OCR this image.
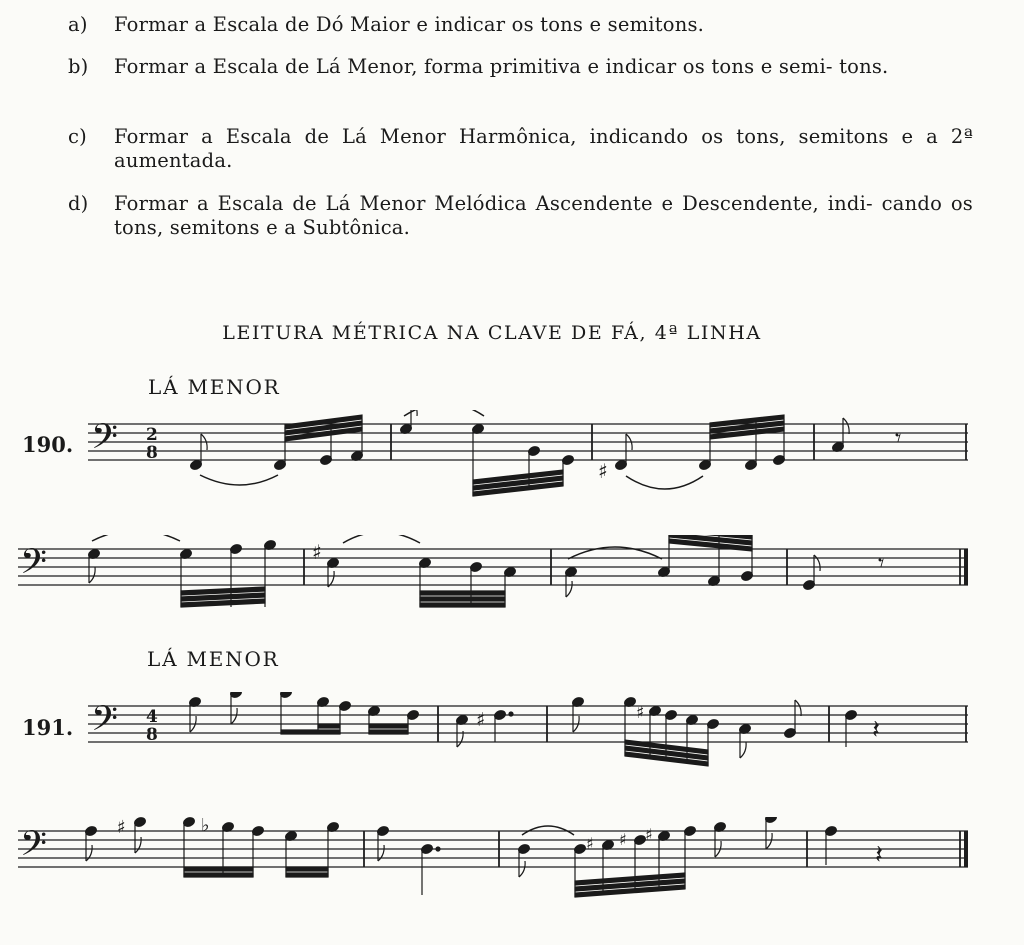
a) Formar a Escala de Dó Maior e indicar os tons e semitons.
b) Formar a Escala de Lá Menor, forma primitiva e indicar os tons e semi- tons.
c) Formar a Escala de Lá Menor Harmônica, indicando os tons, semitons e a 2ª aumentada.
d) Formar a Escala de Lá Menor Melódica Ascendente e Descendente, indi- cando os tons, semitons e a Subtônica.
LEITURA MÉTRICA NA CLAVE DE FÁ, 4ª LINHA
LÁ MENOR
190.
LÁ MENOR
191.
𝄢 2
8
♯
𝄾
𝄢	♯	𝄾
𝄢 4
8
♯	♯
𝄽
𝄢	♯	♭
♯ ♯ ♯
𝄽
